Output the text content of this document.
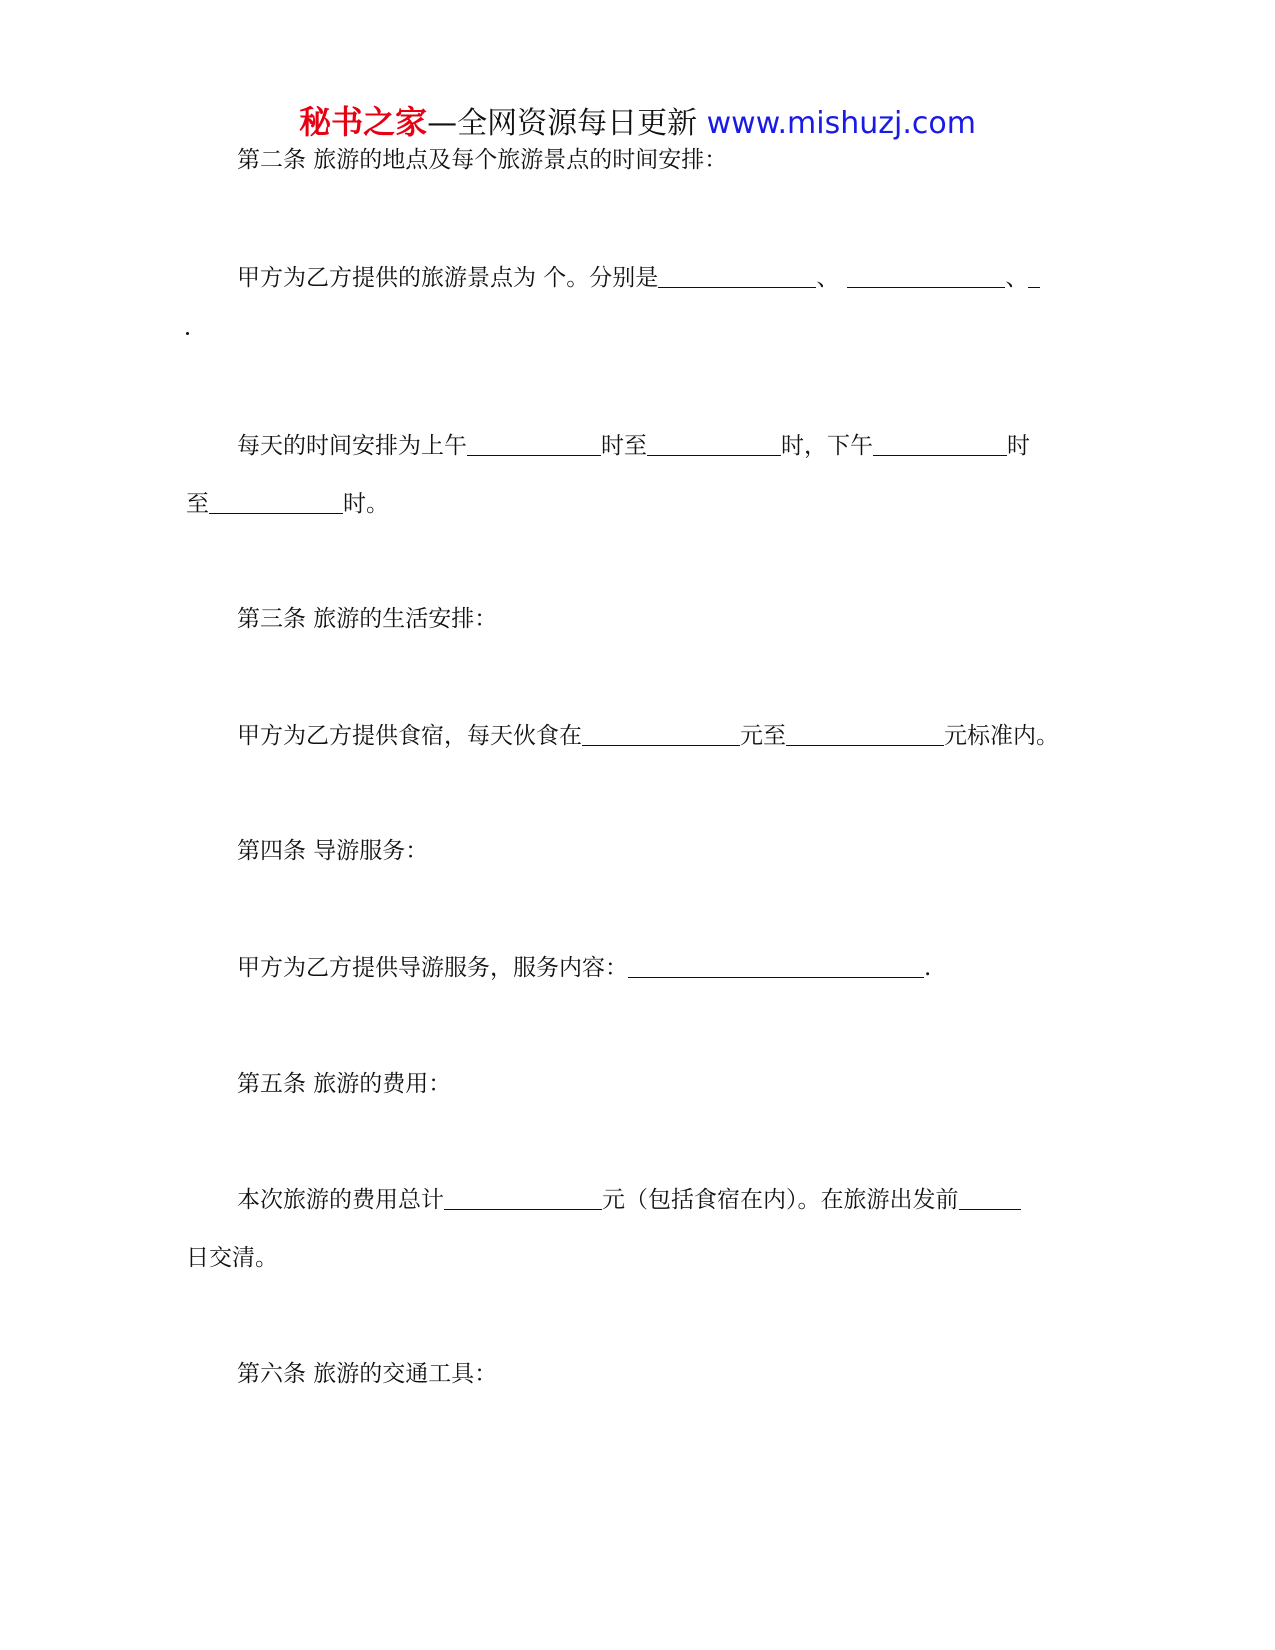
秘书之家—全网资源每日更新 www.mishuzj.com
第二条 旅游的地点及每个旅游景点的时间安排：
甲方为乙方提供的旅游景点为 个。分别是	、	、
每天的时间安排为上午	时至	时，下午	时
至	时。
第三条 旅游的生活安排：
甲方为乙方提供食宿，每天伙食在	元至	元标准内。
第四条 导游服务：
甲方为乙方提供导游服务，服务内容：	.
第五条 旅游的费用：
本次旅游的费用总计	元（包括食宿在内）。在旅游出发前
日交清。
第六条 旅游的交通工具：
